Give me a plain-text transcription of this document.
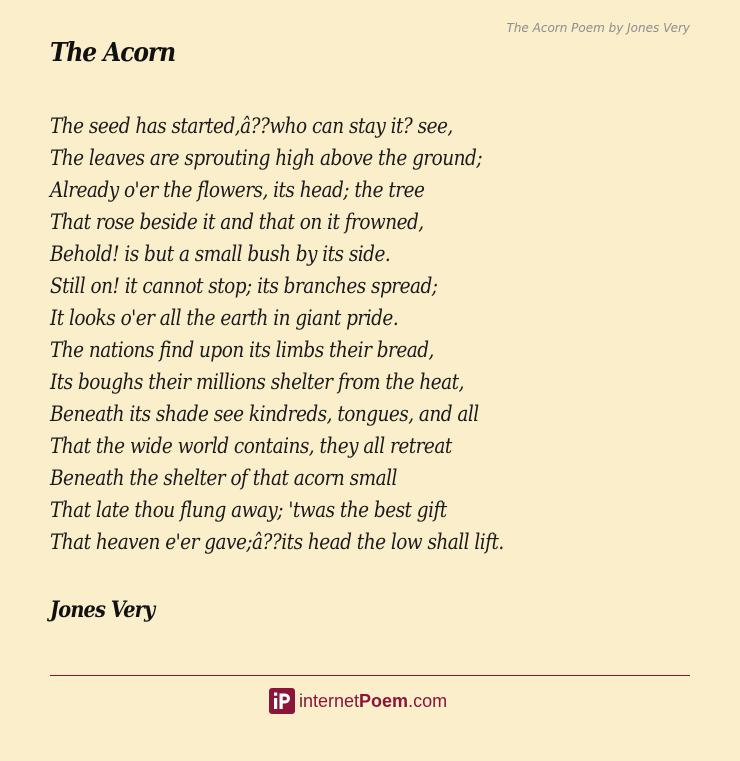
The Acorn Poem by Jones Very
The Acorn
The seed has started,â??who can stay it? see,
The leaves are sprouting high above the ground;
Already o'er the flowers, its head; the tree
That rose beside it and that on it frowned,
Behold! is but a small bush by its side.
Still on! it cannot stop; its branches spread;
It looks o'er all the earth in giant pride.
The nations find upon its limbs their bread,
Its boughs their millions shelter from the heat,
Beneath its shade see kindreds, tongues, and all
That the wide world contains, they all retreat
Beneath the shelter of that acorn small
That late thou flung away; 'twas the best gift
That heaven e'er gave;â??its head the low shall lift.
Jones Very
internetPoem.com
